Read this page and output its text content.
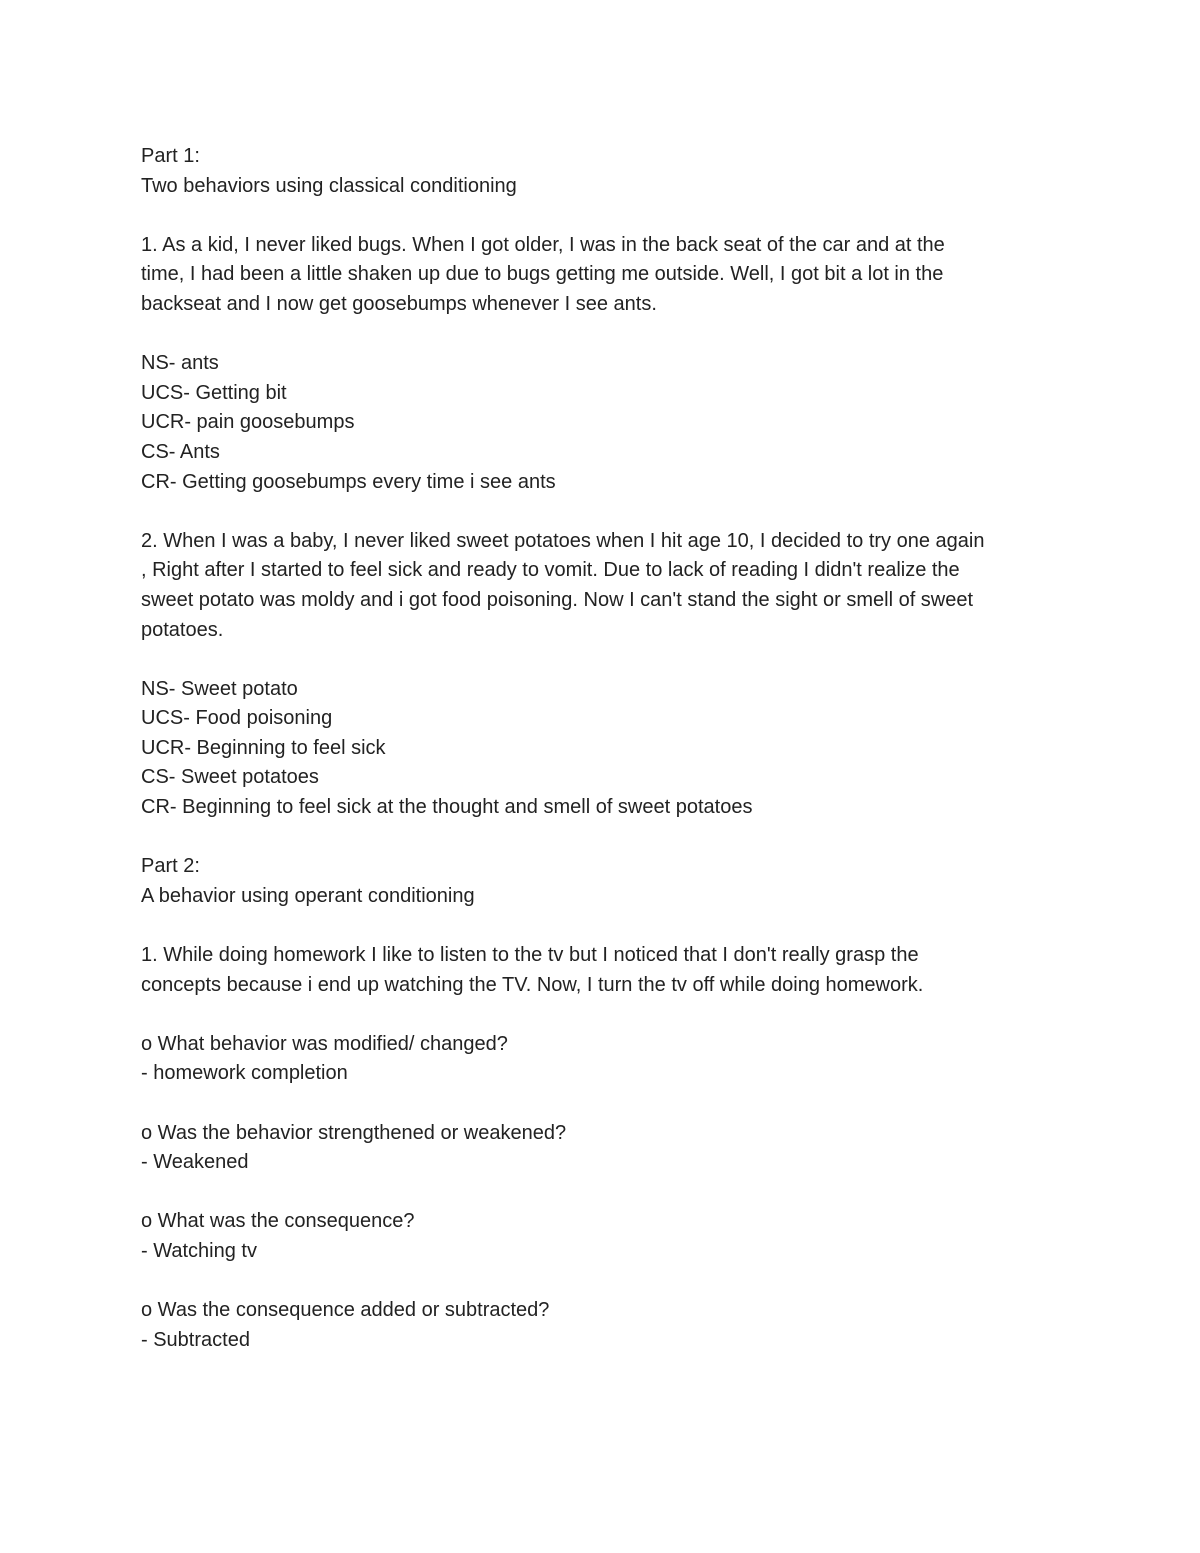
Part 1:
Two behaviors using classical conditioning
1. As a kid, I never liked bugs. When I got older, I was in the back seat of the car and at the
time, I had been a little shaken up due to bugs getting me outside. Well, I got bit a lot in the
backseat and I now get goosebumps whenever I see ants.
NS- ants
UCS- Getting bit
UCR- pain goosebumps
CS- Ants
CR- Getting goosebumps every time i see ants
2. When I was a baby, I never liked sweet potatoes when I hit age 10, I decided to try one again
, Right after I started to feel sick and ready to vomit. Due to lack of reading I didn't realize the
sweet potato was moldy and i got food poisoning. Now I can't stand the sight or smell of sweet
potatoes.
NS- Sweet potato
UCS- Food poisoning
UCR- Beginning to feel sick
CS- Sweet potatoes
CR- Beginning to feel sick at the thought and smell of sweet potatoes
Part 2:
A behavior using operant conditioning
1. While doing homework I like to listen to the tv but I noticed that I don't really grasp the
concepts because i end up watching the TV. Now, I turn the tv off while doing homework.
o What behavior was modified/ changed?
- homework completion
o Was the behavior strengthened or weakened?
- Weakened
o What was the consequence?
- Watching tv
o Was the consequence added or subtracted?
- Subtracted
